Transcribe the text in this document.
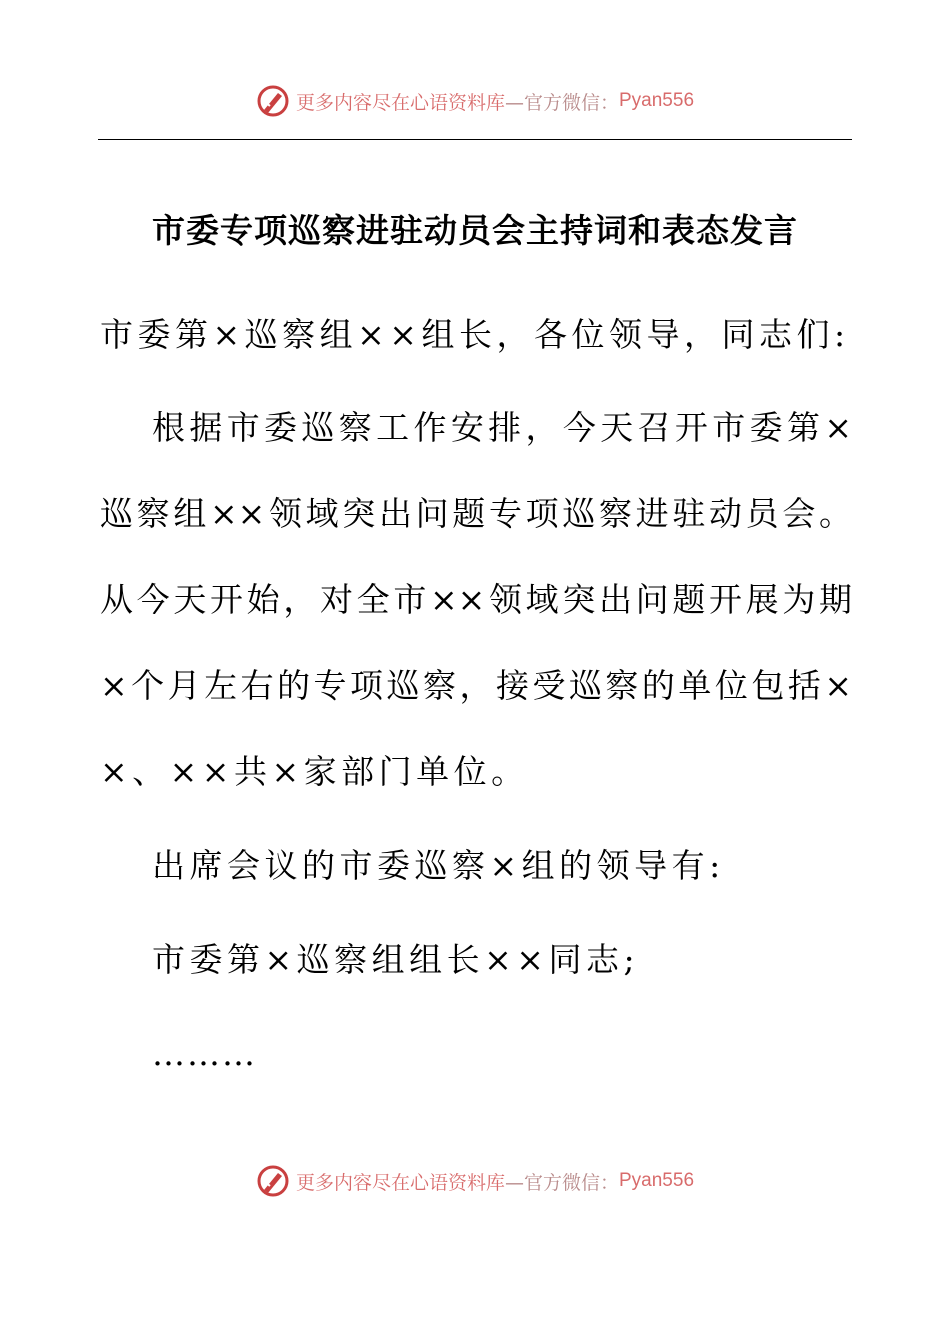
更多内容尽在心语资料库 —官方微信： Pyan556
市委专项巡察进驻动员会主持词和表态发言
市委第×巡察组××组长，各位领导，同志们:
根据市委巡察工作安排，今天召开市委第×
巡察组××领域突出问题专项巡察进驻动员会。
从今天开始，对全市××领域突出问题开展为期
×个月左右的专项巡察，接受巡察的单位包括×
×、××共×家部门单位。
出席会议的市委巡察×组的领导有:
市委第×巡察组组长××同志;
………
更多内容尽在心语资料库 —官方微信： Pyan556
